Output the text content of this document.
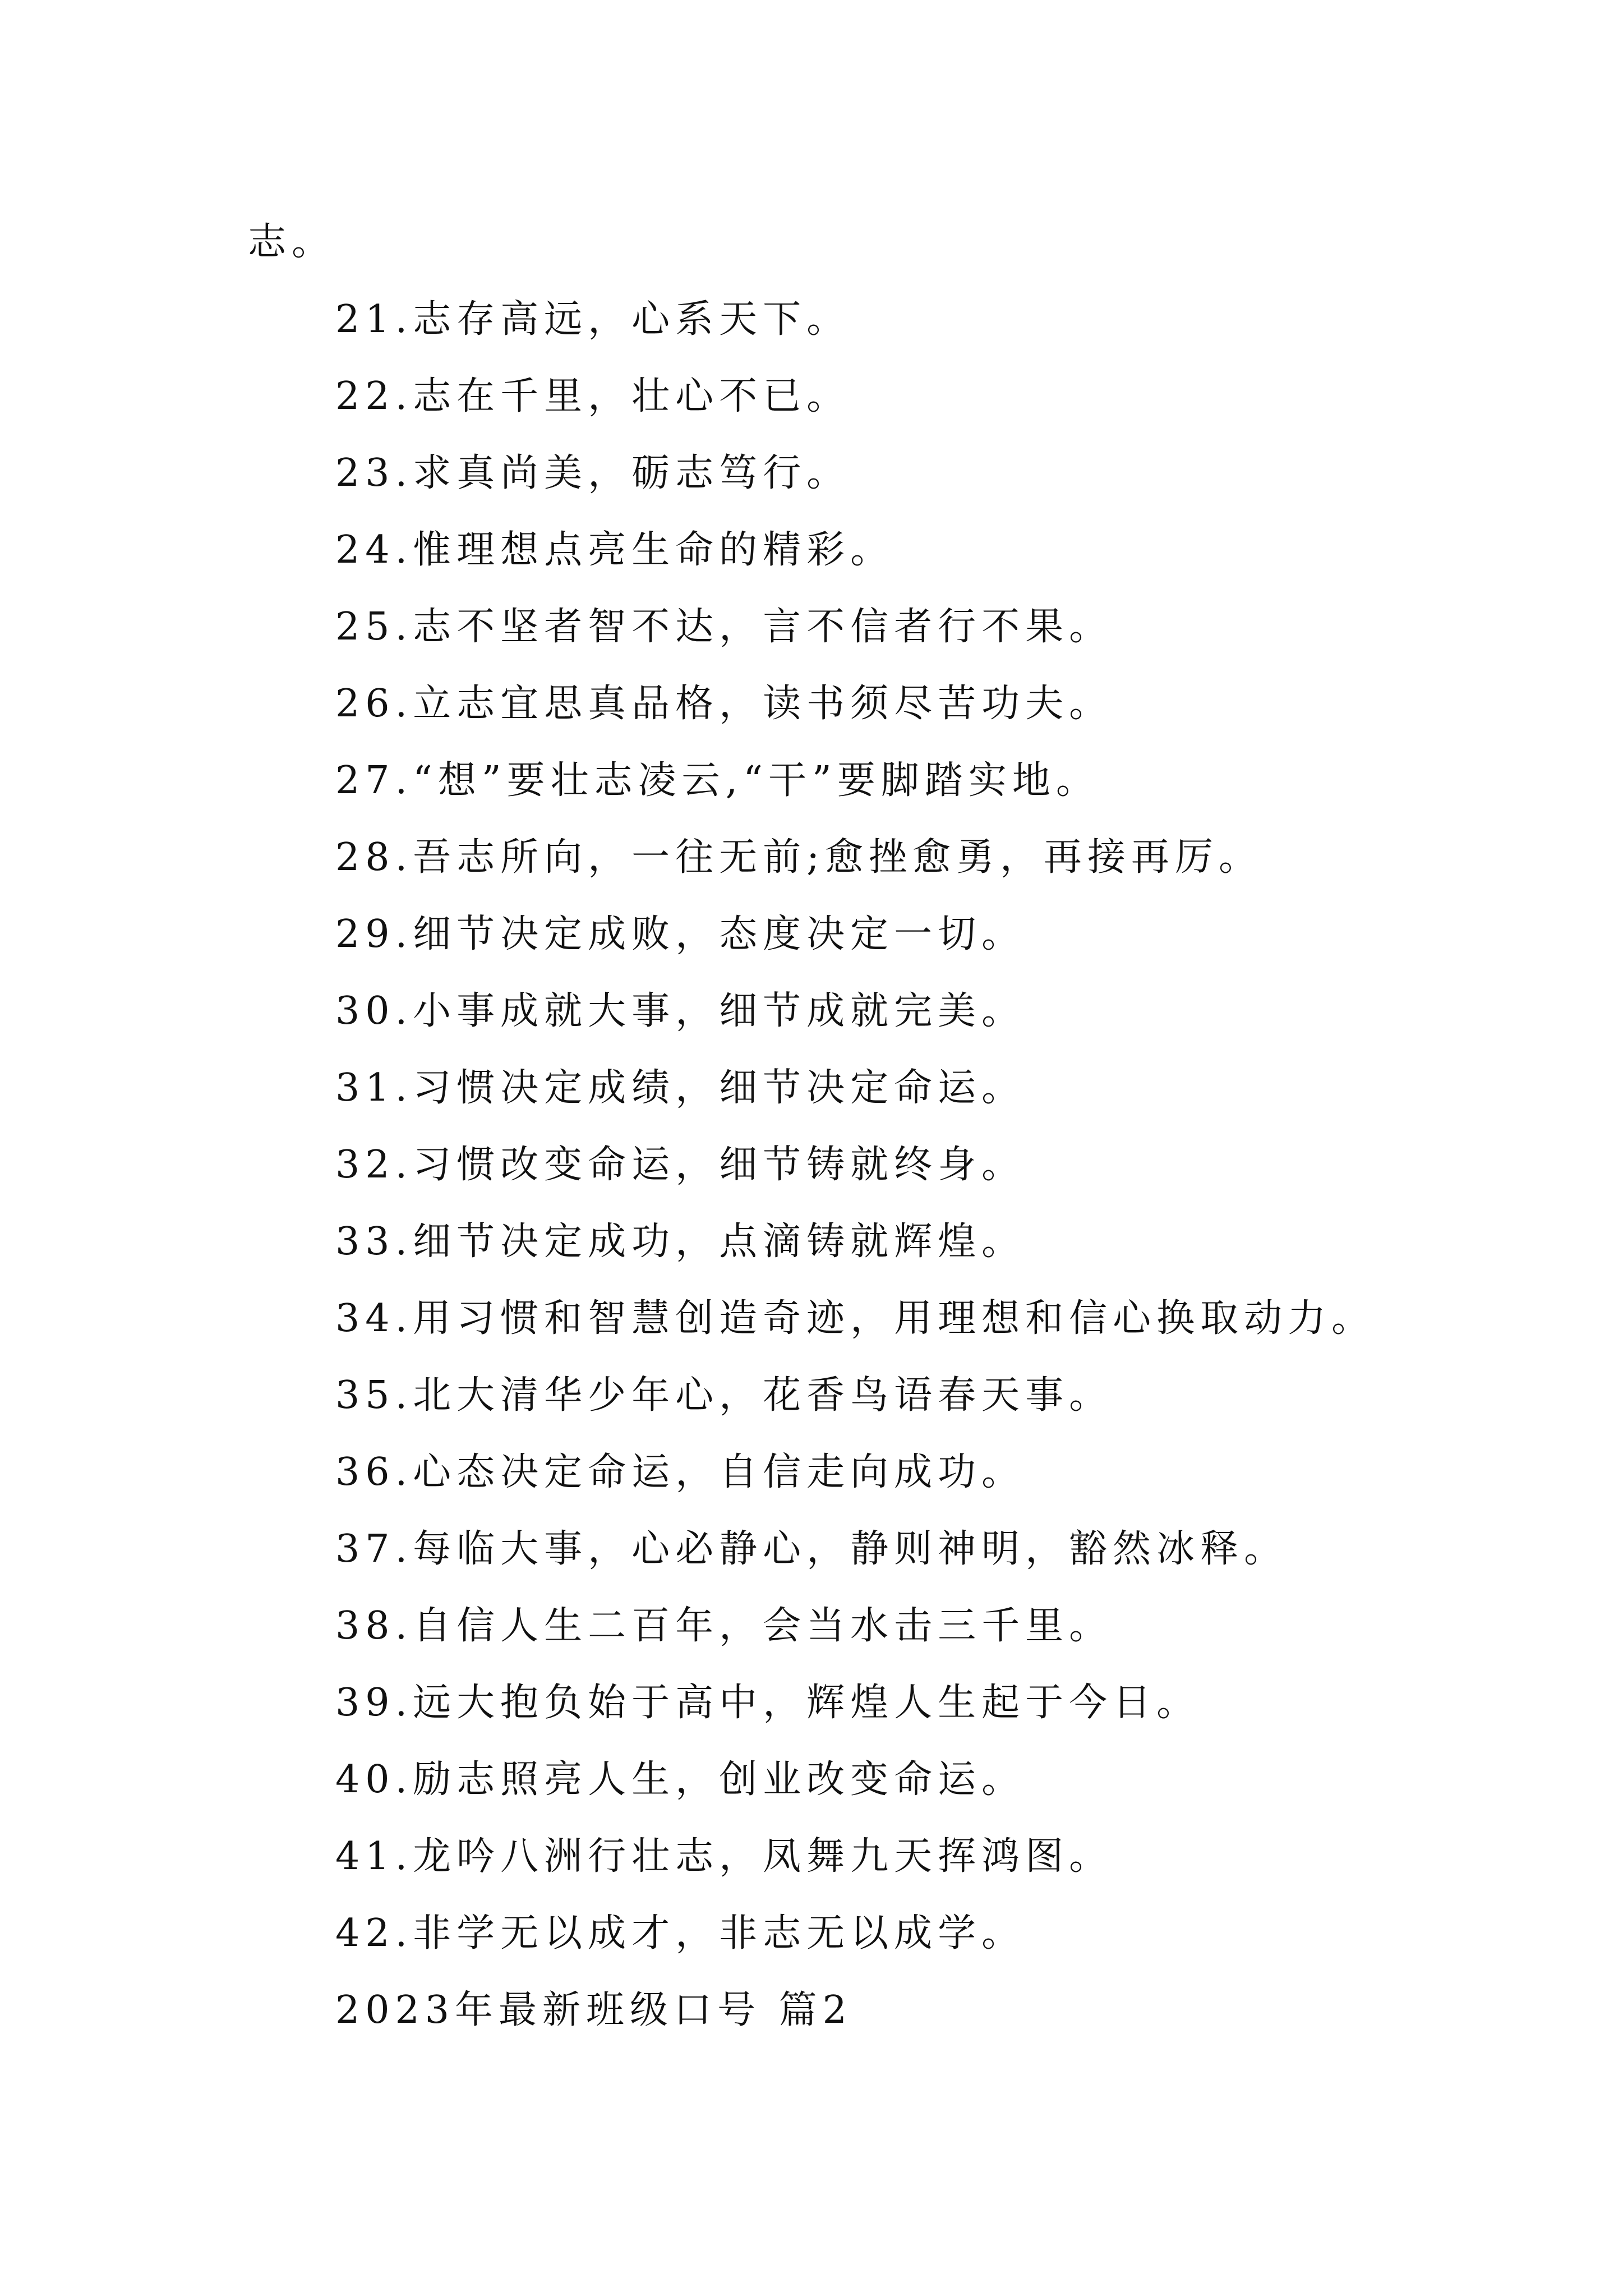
志。
21.志存高远，心系天下。
22.志在千里，壮心不已。
23.求真尚美，砺志笃行。
24.惟理想点亮生命的精彩。
25.志不坚者智不达，言不信者行不果。
26.立志宜思真品格，读书须尽苦功夫。
27.“想”要壮志凌云,“干”要脚踏实地。
28.吾志所向，一往无前;愈挫愈勇，再接再厉。
29.细节决定成败，态度决定一切。
30.小事成就大事，细节成就完美。
31.习惯决定成绩，细节决定命运。
32.习惯改变命运，细节铸就终身。
33.细节决定成功，点滴铸就辉煌。
34.用习惯和智慧创造奇迹，用理想和信心换取动力。
35.北大清华少年心，花香鸟语春天事。
36.心态决定命运，自信走向成功。
37.每临大事，心必静心，静则神明，豁然冰释。
38.自信人生二百年，会当水击三千里。
39.远大抱负始于高中，辉煌人生起于今日。
40.励志照亮人生，创业改变命运。
41.龙吟八洲行壮志，凤舞九天挥鸿图。
42.非学无以成才，非志无以成学。
2023年最新班级口号 篇2
